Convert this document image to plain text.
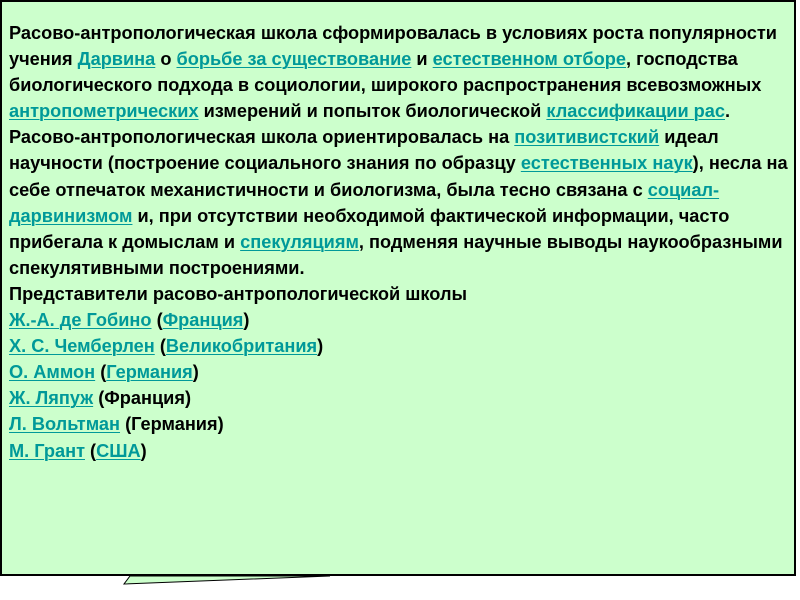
Расово-антропологическая школа сформировалась в условиях роста популярности учения Дарвина о борьбе за существование и естественном отборе, господства биологического подхода в социологии, широкого распространения всевозможных антропометрических измерений и попыток биологической классификации рас.

Расово-антропологическая школа ориентировалась на позитивистский идеал научности (построение социального знания по образцу естественных наук), несла на себе отпечаток механистичности и биологизма, была тесно связана с социал-дарвинизмом и, при отсутствии необходимой фактической информации, часто прибегала к домыслам и спекуляциям, подменяя научные выводы наукообразными спекулятивными построениями.

Представители расово-антропологической школы

Ж.-А. де Гобино (Франция)

Х. С. Чемберлен (Великобритания)

О. Аммон (Германия)

Ж. Ляпуж (Франция)

Л. Вольтман (Германия)

М. Грант (США)
